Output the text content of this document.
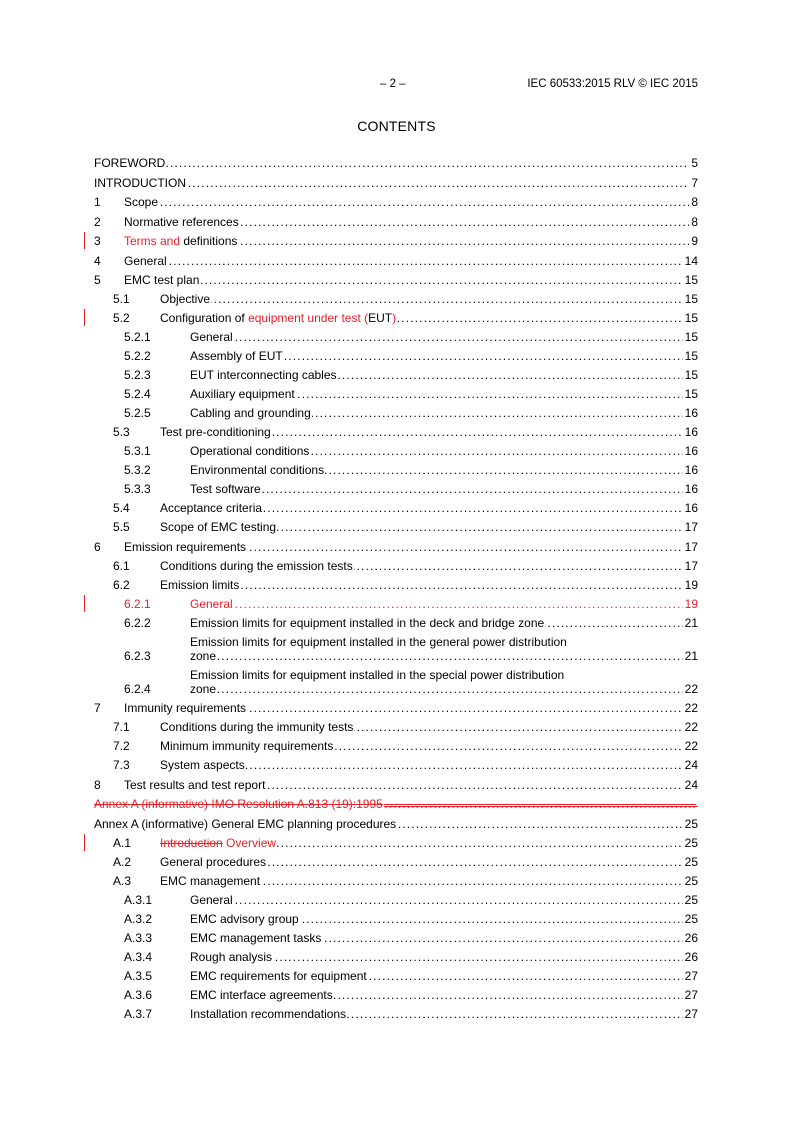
– 2 –	IEC 60533:2015 RLV © IEC 2015
CONTENTS
FOREWORD . . .	5
INTRODUCTION . . .	7
1	Scope . . .	8
2	Normative references . . .	8
3	Terms and definitions . . .	9
4	General . . .	14
5	EMC test plan . . .	15
5.1	Objective . . .	15
5.2	Configuration of equipment under test (EUT) . . .	15
5.2.1	General . . .	15
5.2.2	Assembly of EUT . . .	15
5.2.3	EUT interconnecting cables . . .	15
5.2.4	Auxiliary equipment . . .	15
5.2.5	Cabling and grounding . . .	16
5.3	Test pre-conditioning . . .	16
5.3.1	Operational conditions . . .	16
5.3.2	Environmental conditions . . .	16
5.3.3	Test software . . .	16
5.4	Acceptance criteria . . .	16
5.5	Scope of EMC testing . . .	17
6	Emission requirements . . .	17
6.1	Conditions during the emission tests . . .	17
6.2	Emission limits . . .	19
6.2.1	General . . .	19
6.2.2	Emission limits for equipment installed in the deck and bridge zone . . .	21
6.2.3
Emission limits for equipment installed in the general power distribution
zone . . .	21
6.2.4
Emission limits for equipment installed in the special power distribution
zone . . .	22
7	Immunity requirements . . .	22
7.1	Conditions during the immunity tests . . .	22
7.2	Minimum immunity requirements . . .	22
7.3	System aspects . . .	24
8	Test results and test report . . .	24
Annex A (informative) IMO Resolution A.813 (19):1995 . . .
Annex A (informative) General EMC planning procedures . . .	25
A.1	Introduction Overview . . .	25
A.2	General procedures . . .	25
A.3	EMC management . . .	25
A.3.1	General . . .	25
A.3.2	EMC advisory group . . .	25
A.3.3	EMC management tasks . . .	26
A.3.4	Rough analysis . . .	26
A.3.5	EMC requirements for equipment . . .	27
A.3.6	EMC interface agreements . . .	27
A.3.7	Installation recommendations . . .	27
